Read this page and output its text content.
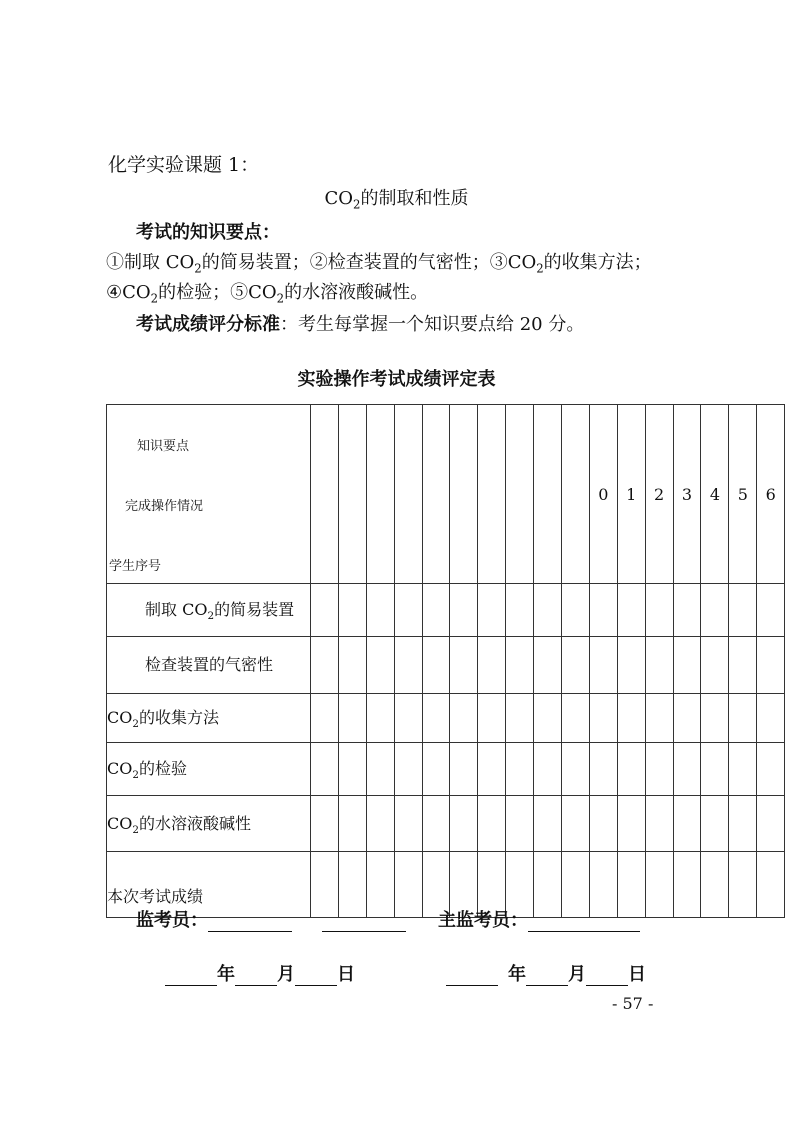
化学实验课题 1：
$CO_2$的制取和性质
考试的知识要点：
①制取 $CO_2$的简易装置；②检查装置的气密性；$③CO_2$的收集方法；
$④CO_2$的检验；$⑤CO_2$的水溶液酸碱性。
考试成绩评分标准：考生每掌握一个知识要点给 20 分。
实验操作考试成绩评定表
知识要点
完成操作情况
学生序号											0	1	2	3	4	5	6
制取 $CO_2$的简易装置																	
检查装置的气密性																	
$CO_2$的收集方法																	
$CO_2$的检验																	
$CO_2$的水溶液酸碱性																	
本次考试成绩																	
监考员：	主监考员：
年 月 日	年 月 日
- 57 -
